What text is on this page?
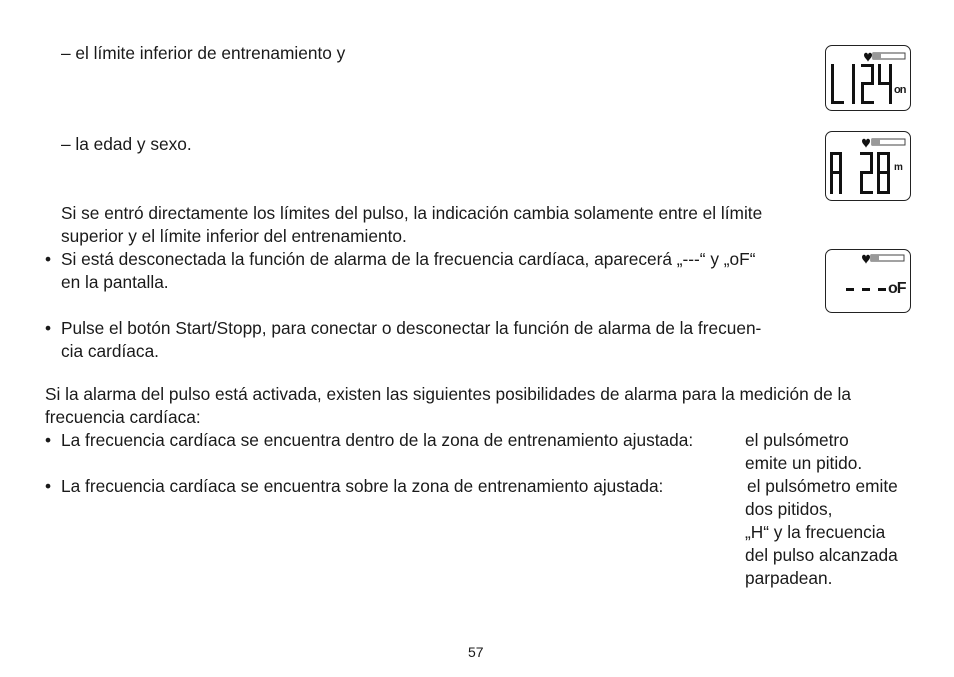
– el límite inferior de entrenamiento y
– la edad y sexo.
Si se entró directamente los límites del pulso, la indicación cambia solamente entre el límite
superior y el límite inferior del entrenamiento.
• Si está desconectada la función de alarma de la frecuencia cardíaca, aparecerá „---“ y „oF“
en la pantalla.
• Pulse el botón Start/Stopp, para conectar o desconectar la función de alarma de la frecuen-
cia cardíaca.
Si la alarma del pulso está activada, existen las siguientes posibilidades de alarma para la medición de la
frecuencia cardíaca:
• La frecuencia cardíaca se encuentra dentro de la zona de entrenamiento ajustada:	el pulsómetro
emite un pitido.
• La frecuencia cardíaca se encuentra sobre la zona de entrenamiento ajustada:	el pulsómetro emite
dos pitidos,
„H“ y la frecuencia
del pulso alcanzada
parpadean.
on
m
oF
57
